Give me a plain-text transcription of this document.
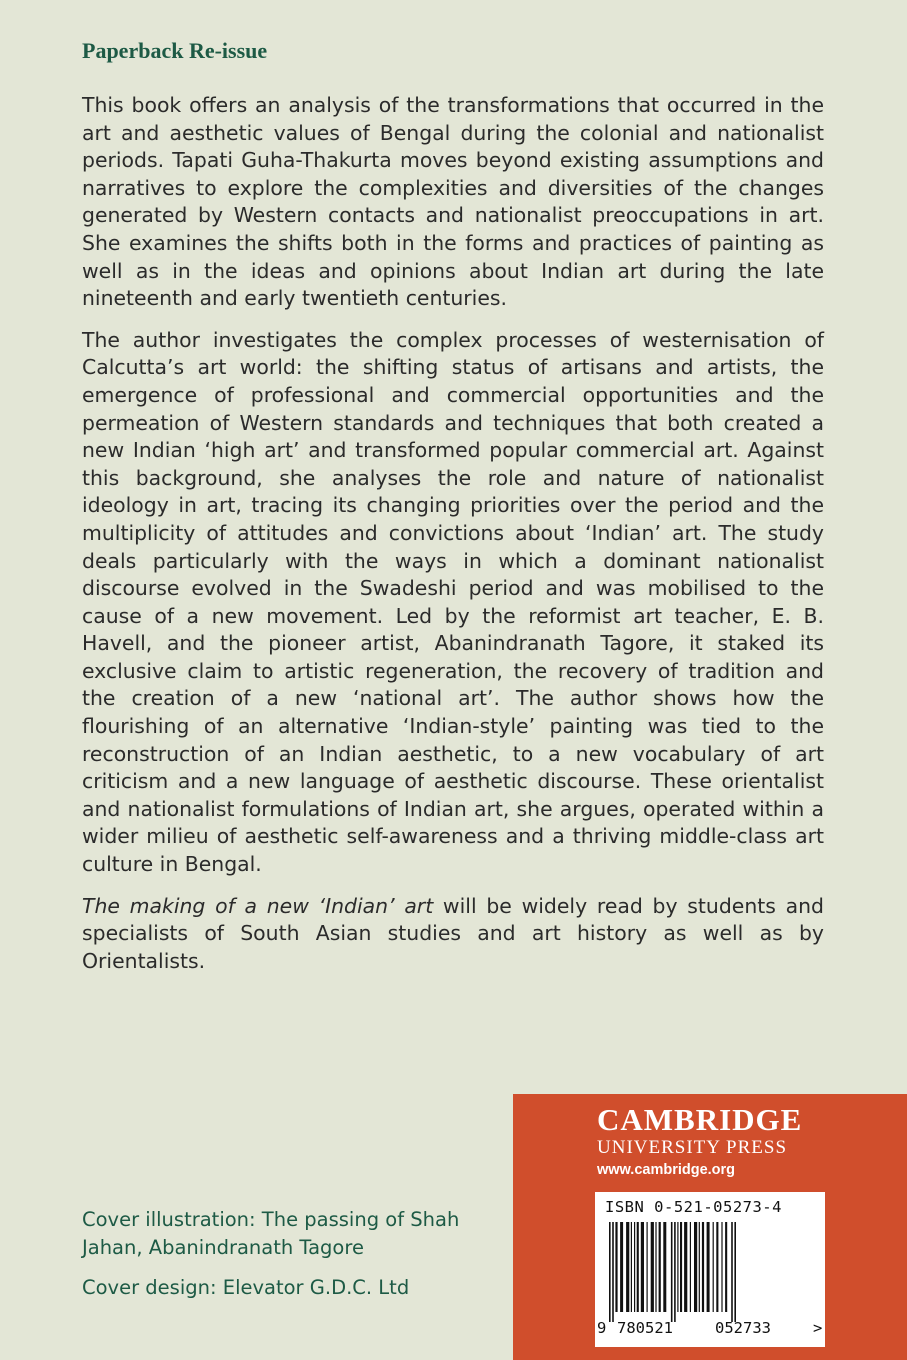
Paperback Re-issue

This book offers an analysis of the transformations that occurred in the art and aesthetic values of Bengal during the colonial and nationalist periods. Tapati Guha-Thakurta moves beyond existing assumptions and narratives to explore the complexities and diversities of the changes generated by Western contacts and nationalist preoccupations in art. She examines the shifts both in the forms and practices of painting as well as in the ideas and opinions about Indian art during the late nineteenth and early twentieth centuries.

The author investigates the complex processes of westernisation of Calcutta’s art world: the shifting status of artisans and artists, the emergence of professional and commercial opportunities and the permeation of Western standards and techniques that both created a new Indian ‘high art’ and transformed popular commercial art. Against this background, she analyses the role and nature of nationalist ideology in art, tracing its changing priorities over the period and the multiplicity of attitudes and convictions about ‘Indian’ art. The study deals particularly with the ways in which a dominant nationalist discourse evolved in the Swadeshi period and was mobilised to the cause of a new movement. Led by the reformist art teacher, E. B. Havell, and the pioneer artist, Abanindranath Tagore, it staked its exclusive claim to artistic regeneration, the recovery of tradition and the creation of a new ‘national art’. The author shows how the flourishing of an alternative ‘Indian-style’ painting was tied to the reconstruction of an Indian aesthetic, to a new vocabulary of art criticism and a new language of aesthetic discourse. These orientalist and nationalist formulations of Indian art, she argues, operated within a wider milieu of aesthetic self-awareness and a thriving middle-class art culture in Bengal.

The making of a new ‘Indian’ art will be widely read by students and specialists of South Asian studies and art history as well as by Orientalists.

Cover illustration: The passing of Shah Jahan, Abanindranath Tagore

Cover design: Elevator G.D.C. Ltd

CAMBRIDGE
UNIVERSITY PRESS
www.cambridge.org
ISBN 0-521-05273-4
9 780521	052733	>
